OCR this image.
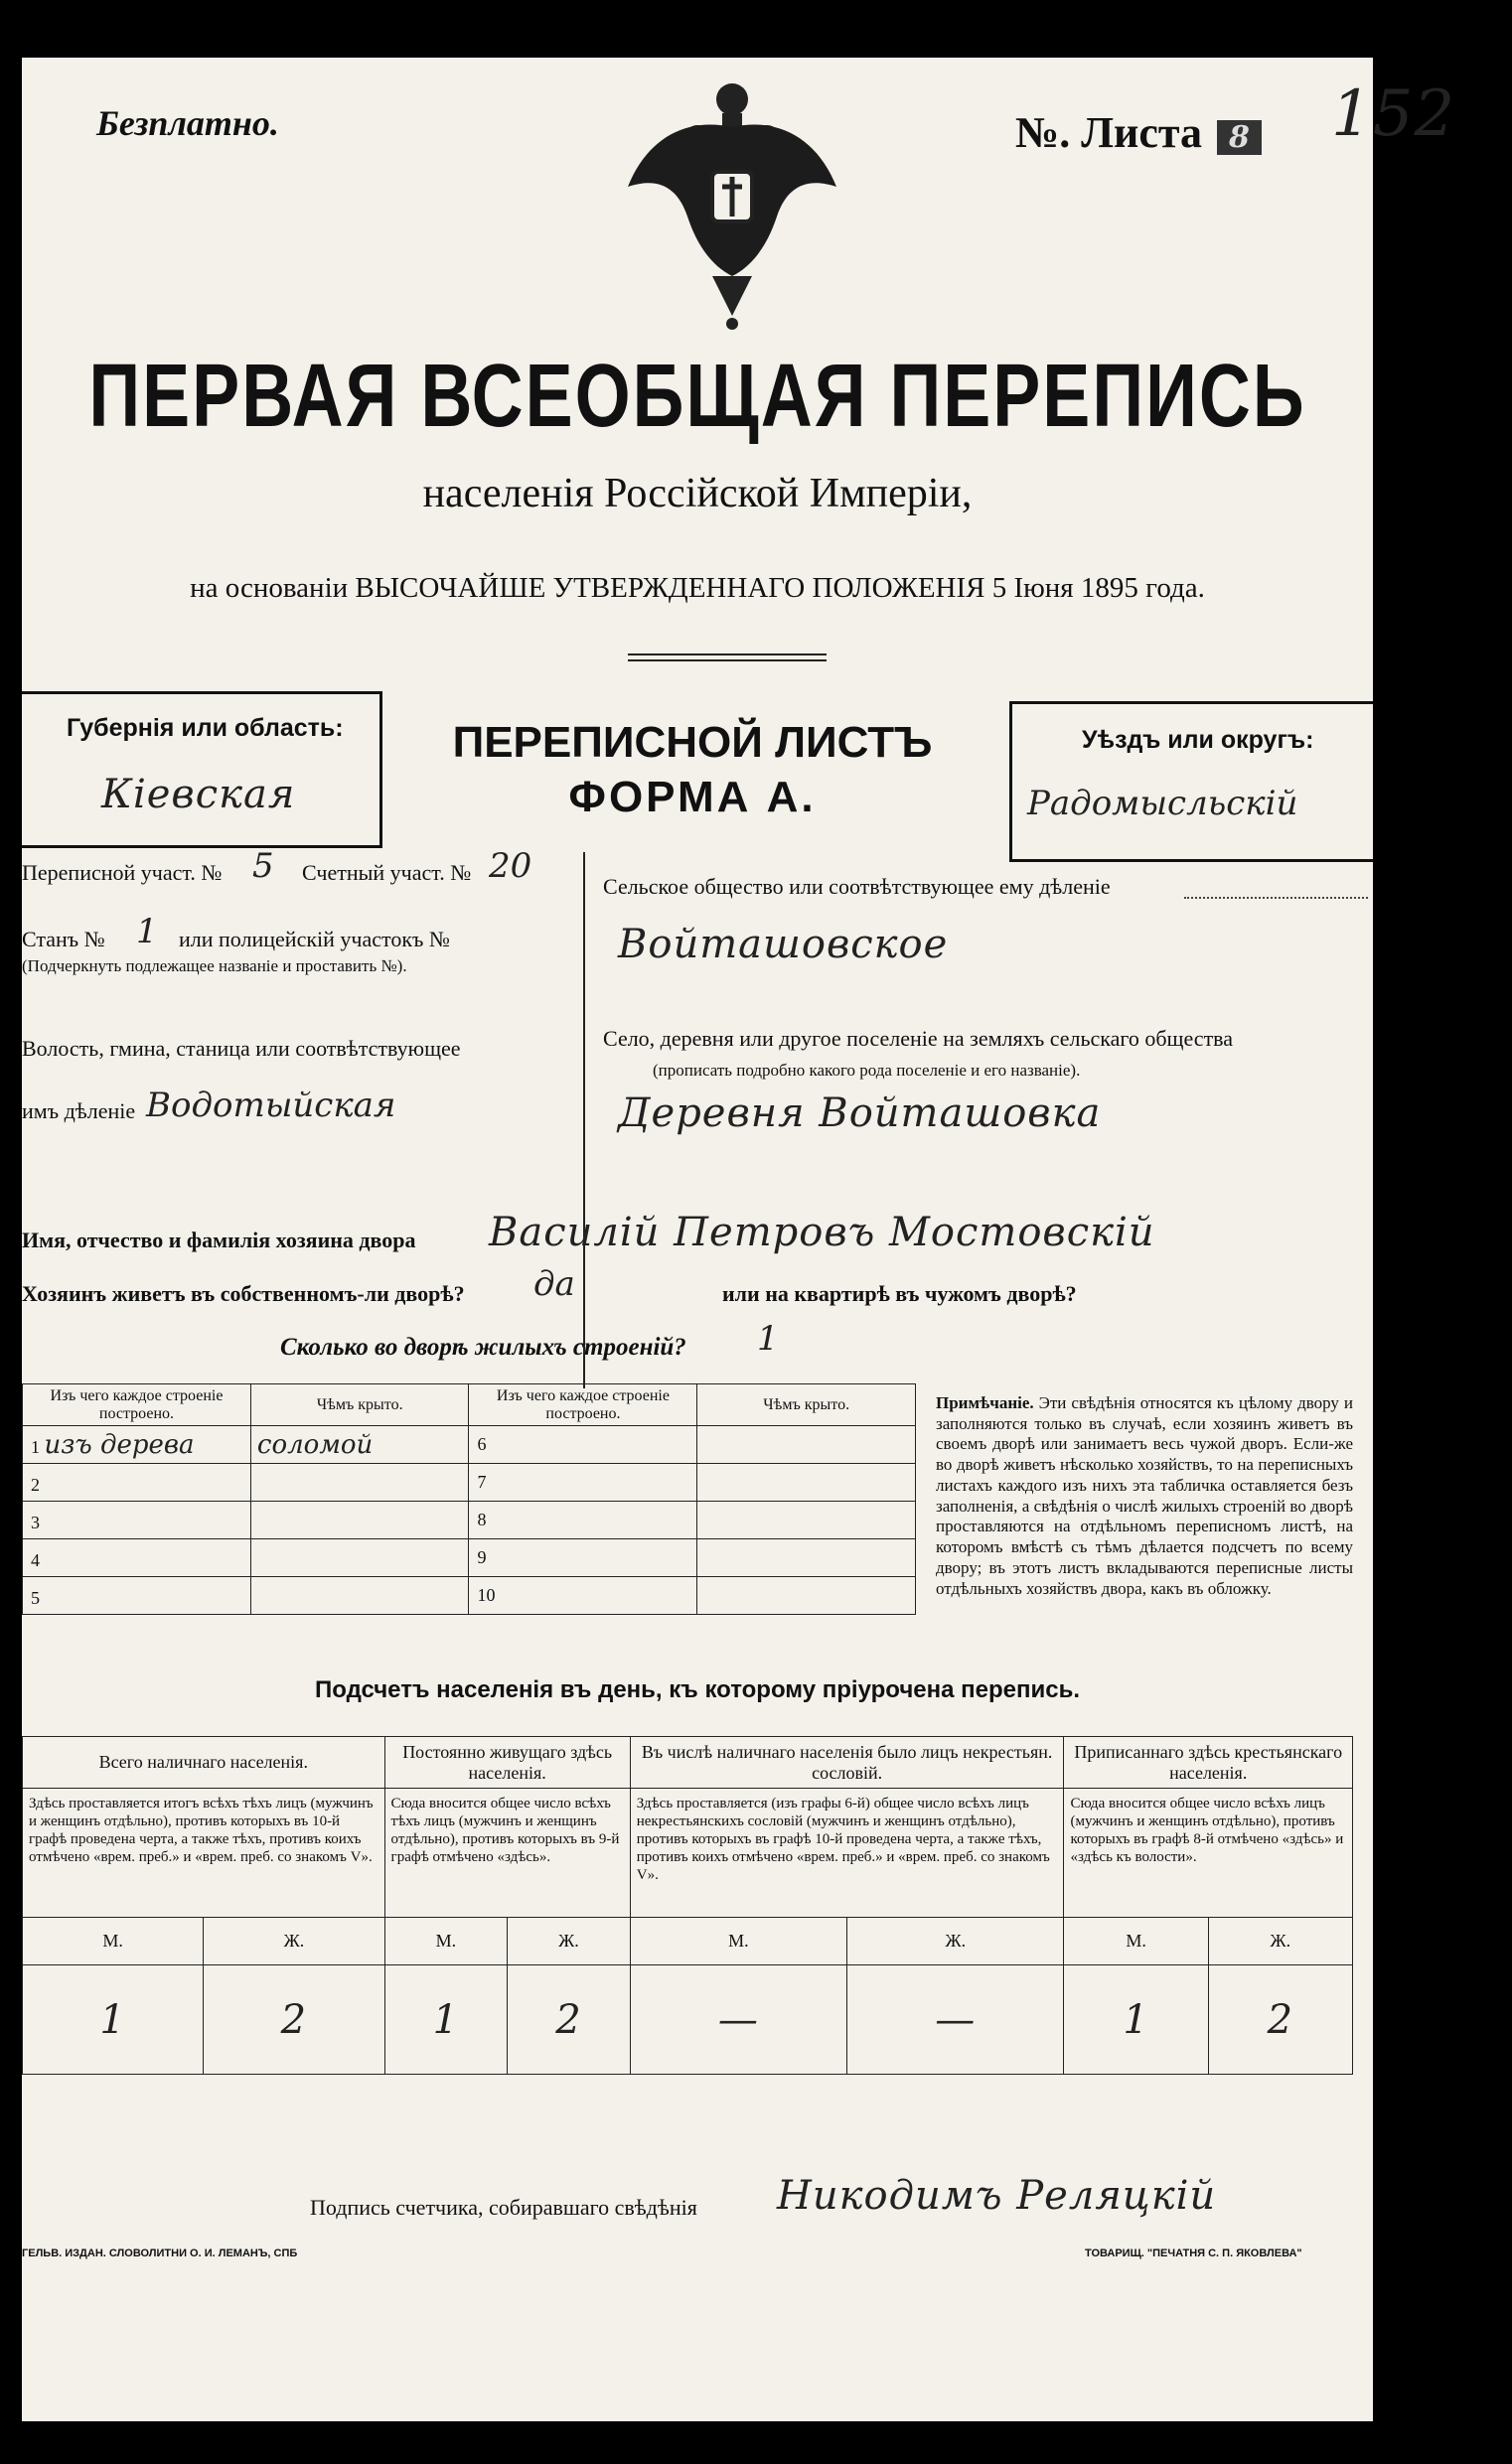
Безплатно.	№. Листа 8 152
ПЕРВАЯ ВСЕОБЩАЯ ПЕРЕПИСЬ
населенія Россійской Имперіи,
на основаніи ВЫСОЧАЙШЕ УТВЕРЖДЕННАГО ПОЛОЖЕНІЯ 5 Іюня 1895 года.
Губернія или область:
Кіевская
ПЕРЕПИСНОЙ ЛИСТЪ
ФОРМА А.
Уѣздъ или округъ:
Радомысльскій
Переписной участ. № 5 Счетный участ. № 20
Станъ № 1 или полицейскій участокъ №
(Подчеркнуть подлежащее названіе и проставить №).
Волость, гмина, станица или соотвѣтствующее
имъ дѣленіе Водотыйская
Сельское общество или соотвѣтствующее ему дѣленіе
Войташовское
Село, деревня или другое поселеніе на земляхъ сельскаго общества
(прописать подробно какого рода поселеніе и его названіе).
Деревня Войташовка
Имя, отчество и фамилія хозяина двора Василій Петровъ Мостовскій
Хозяинъ живетъ въ собственномъ-ли дворѣ? да	или на квартирѣ въ чужомъ дворѣ?
Сколько во дворѣ жилыхъ строеній? 1
Изъ чего каждое строеніе построено.	Чѣмъ крыто.	Изъ чего каждое строеніе построено.	Чѣмъ крыто.
1 изъ дерева	соломой	6	
2		7	
3		8	
4		9	
5		10	
Примѣчаніе. Эти свѣдѣнія относятся къ цѣлому двору и заполняются только въ случаѣ, если хозяинъ живетъ въ своемъ дворѣ или занимаетъ весь чужой дворъ. Если-же во дворѣ живетъ нѣсколько хозяйствъ, то на переписныхъ листахъ каждого изъ нихъ эта табличка оставляется безъ заполненія, а свѣдѣнія о числѣ жилыхъ строеній во дворѣ проставляются на отдѣльномъ переписномъ листѣ, на которомъ вмѣстѣ съ тѣмъ дѣлается подсчетъ по всему двору; въ этотъ листъ вкладываются переписные листы отдѣльныхъ хозяйствъ двора, какъ въ обложку.
Подсчетъ населенія въ день, къ которому пріурочена перепись.
Всего наличнаго населенія.		Постоянно живущаго здѣсь населенія.		Въ числѣ наличнаго населенія было лицъ некрестьян. сословій.		Приписаннаго здѣсь крестьянскаго населенія.	
Здѣсь проставляется итогъ всѣхъ тѣхъ лицъ (мужчинъ и женщинъ отдѣльно), противъ которыхъ въ 10-й графѣ проведена черта, а также тѣхъ, противъ коихъ отмѣчено «врем. преб.» и «врем. преб. со знакомъ V».		Сюда вносится общее число всѣхъ тѣхъ лицъ (мужчинъ и женщинъ отдѣльно), противъ которыхъ въ 9-й графѣ отмѣчено «здѣсь».		Здѣсь проставляется (изъ графы 6-й) общее число всѣхъ лицъ некрестьянскихъ сословій (мужчинъ и женщинъ отдѣльно), противъ которыхъ въ графѣ 10-й проведена черта, а также тѣхъ, противъ коихъ отмѣчено «врем. преб.» и «врем. преб. со знакомъ V».		Сюда вносится общее число всѣхъ лицъ (мужчинъ и женщинъ отдѣльно), противъ которыхъ въ графѣ 8-й отмѣчено «здѣсь» и «здѣсь къ волости».	
М.	Ж.	М.	Ж.	М.	Ж.	М.	Ж.
1	2	1	2	—	—	1	2
Подпись счетчика, собиравшаго свѣдѣнія Никодимъ Реляцкій
ГЕЛЬВ. ИЗДАН. СЛОВОЛИТНИ О. И. ЛЕМАНЪ, СПБ	ТОВАРИЩ. "ПЕЧАТНЯ С. П. ЯКОВЛЕВА"
